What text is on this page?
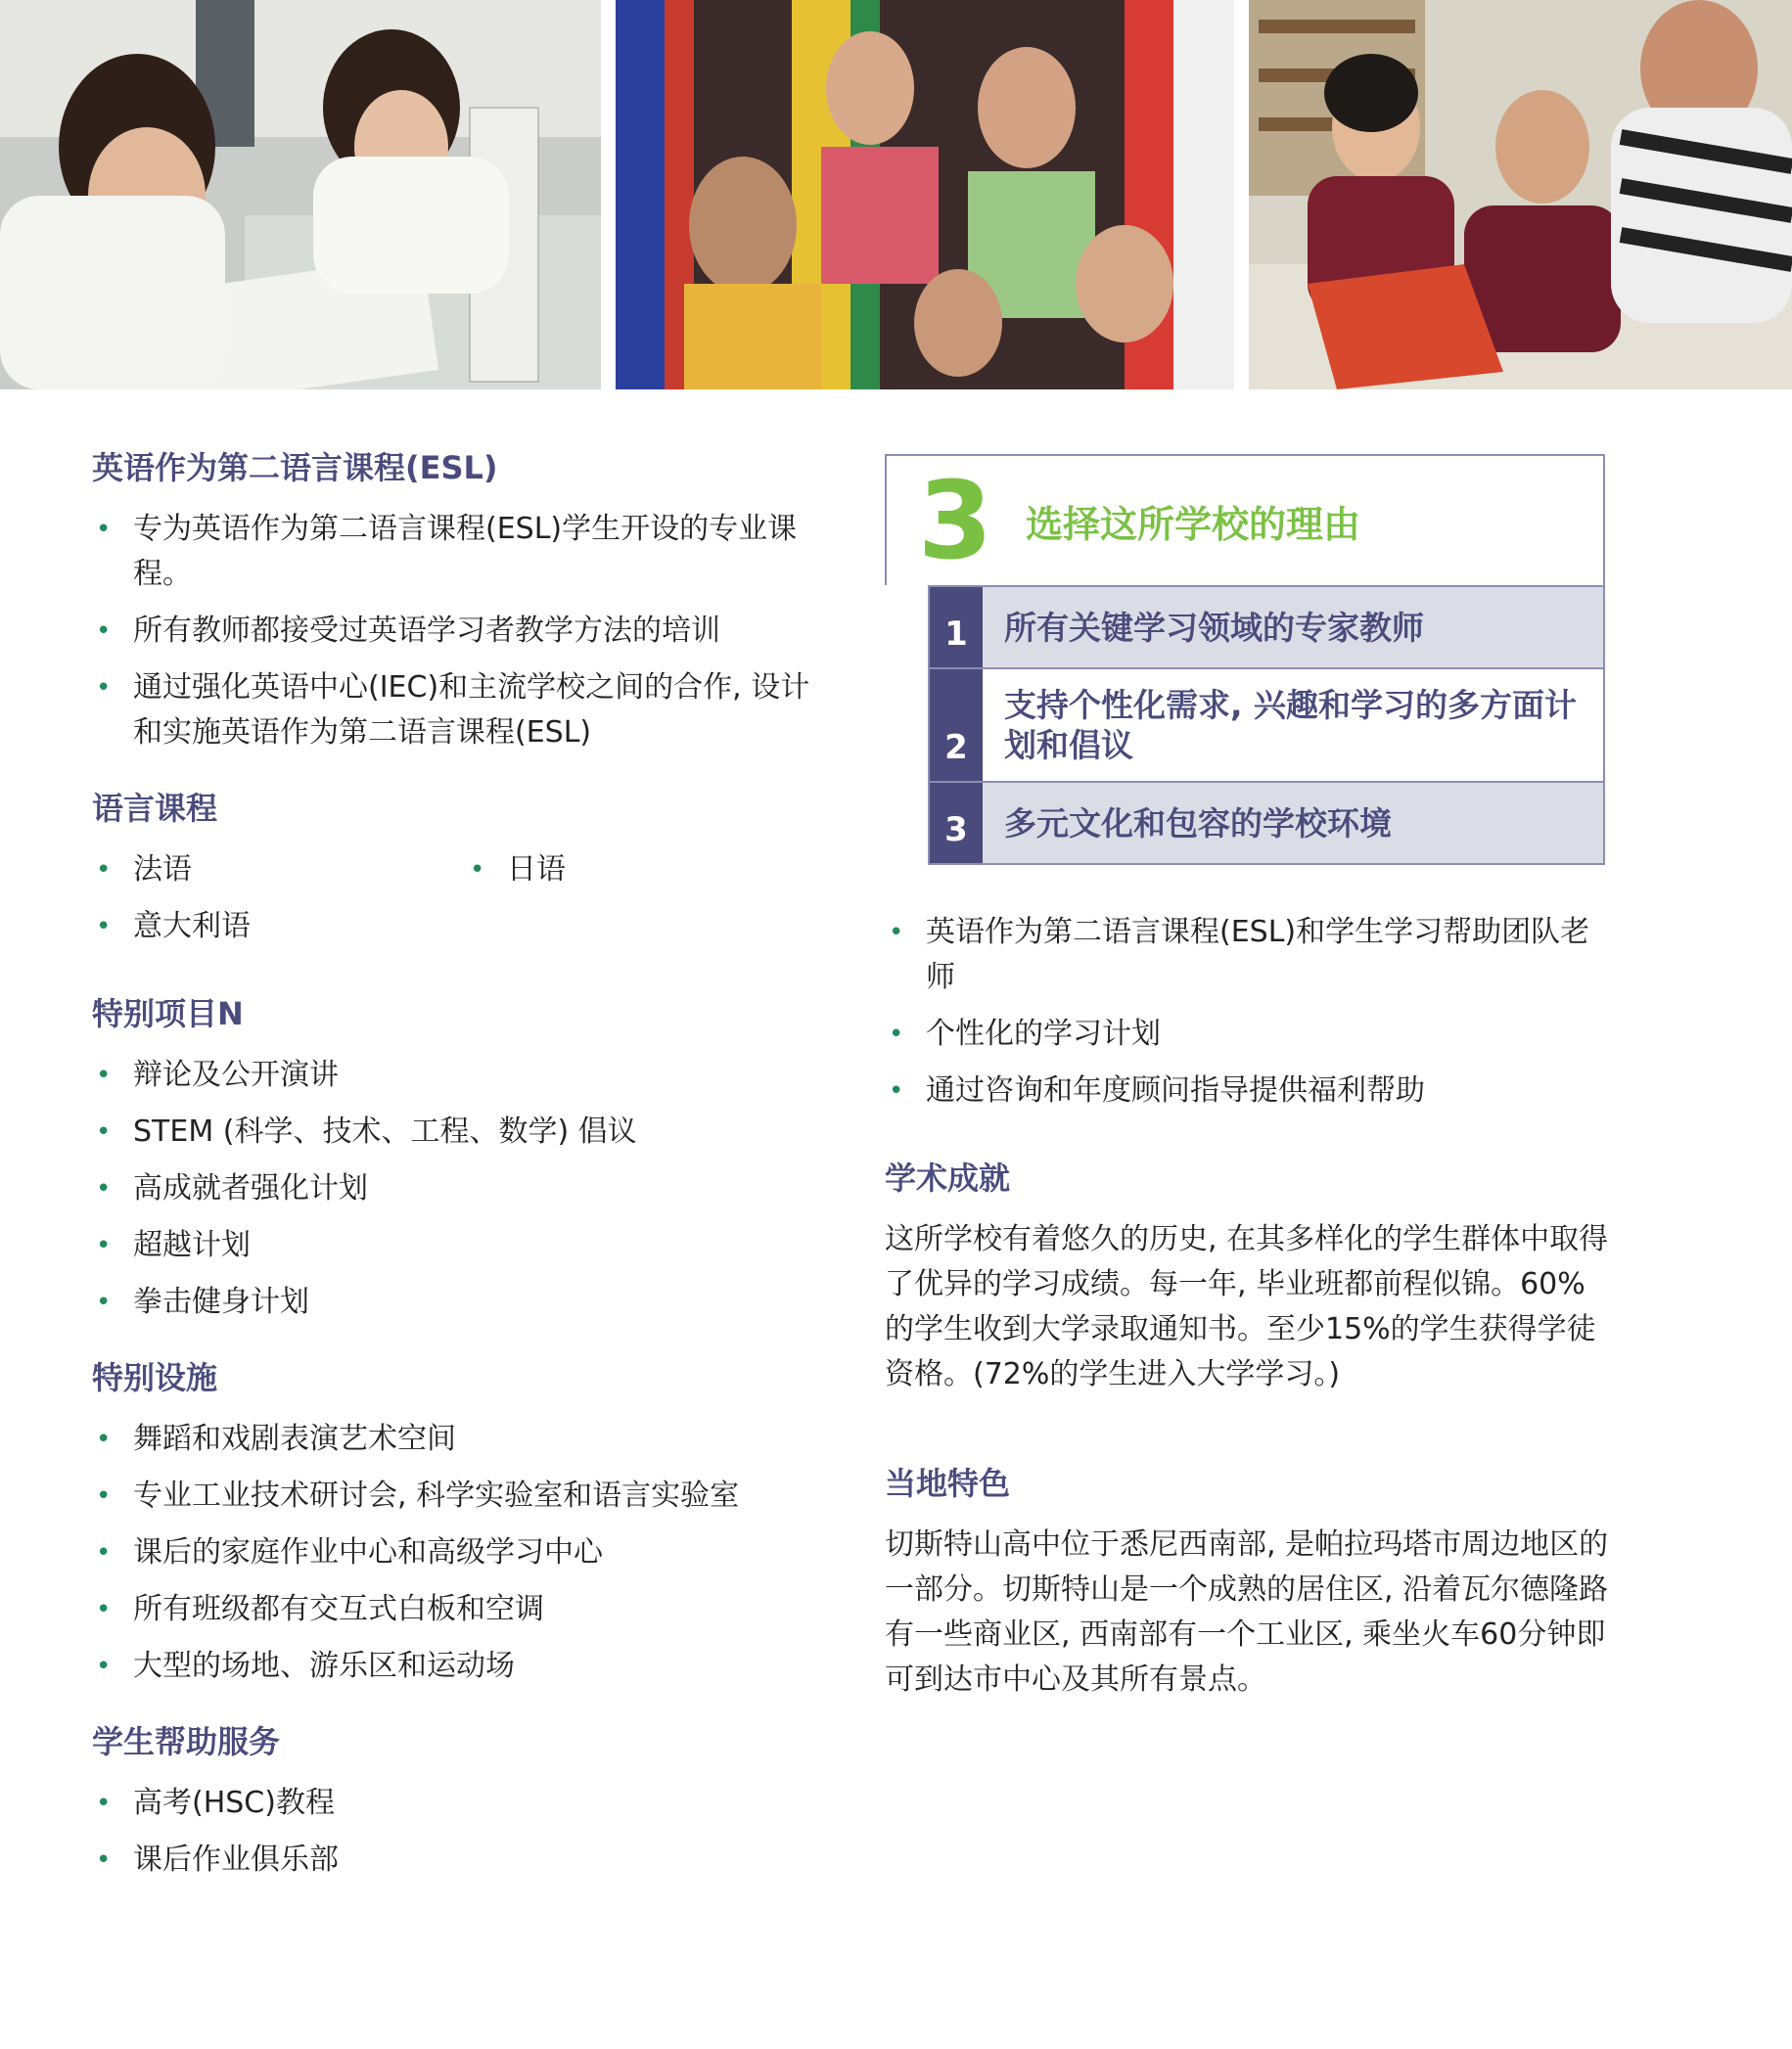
英语作为第二语言课程(ESL)
• 专为英语作为第二语言课程(ESL)学生开设的专业课程。
• 所有教师都接受过英语学习者教学方法的培训
• 通过强化英语中心(IEC)和主流学校之间的合作, 设计和实施英语作为第二语言课程(ESL)
语言课程
• 法语
• 意大利语
• 日语
特别项目N
• 辩论及公开演讲
• STEM (科学、技术、工程、数学) 倡议
• 高成就者强化计划
• 超越计划
• 拳击健身计划
特别设施
• 舞蹈和戏剧表演艺术空间
• 专业工业技术研讨会, 科学实验室和语言实验室
• 课后的家庭作业中心和高级学习中心
• 所有班级都有交互式白板和空调
• 大型的场地、游乐区和运动场
学生帮助服务
• 高考(HSC)教程
• 课后作业俱乐部
3 选择这所学校的理由
1	所有关键学习领域的专家教师
2
支持个性化需求, 兴趣和学习的多方面计划和倡议
3	多元文化和包容的学校环境
• 英语作为第二语言课程(ESL)和学生学习帮助团队老师
• 个性化的学习计划
• 通过咨询和年度顾问指导提供福利帮助
学术成就

这所学校有着悠久的历史, 在其多样化的学生群体中取得了优异的学习成绩。每一年, 毕业班都前程似锦。60%的学生收到大学录取通知书。至少15%的学生获得学徒资格。(72%的学生进入大学学习。)

当地特色

切斯特山高中位于悉尼西南部, 是帕拉玛塔市周边地区的一部分。切斯特山是一个成熟的居住区, 沿着瓦尔德隆路有一些商业区, 西南部有一个工业区, 乘坐火车60分钟即可到达市中心及其所有景点。
